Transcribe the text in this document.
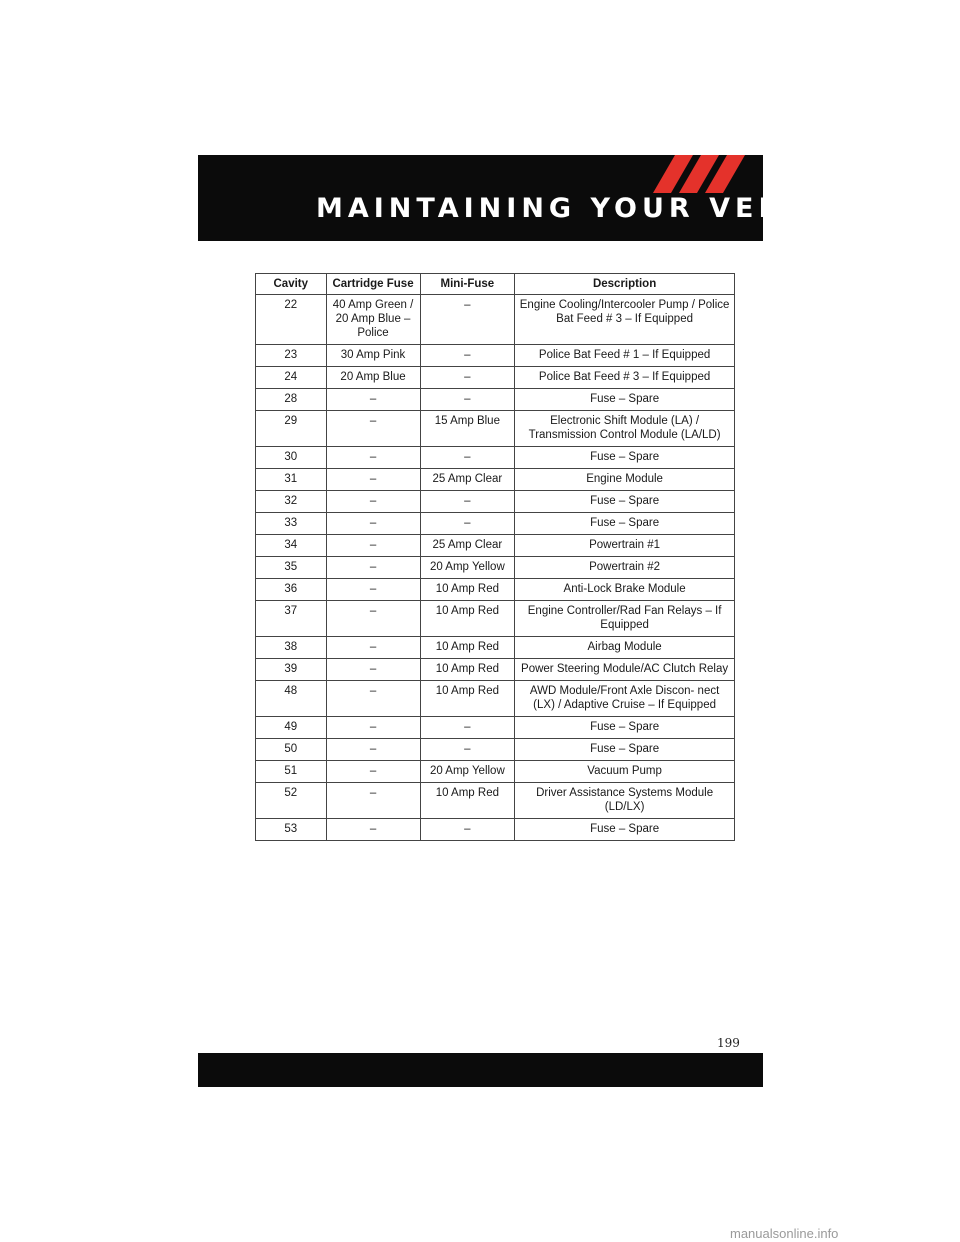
MAINTAINING YOUR VEHICLE
Cavity	Cartridge Fuse	Mini-Fuse	Description
22	40 Amp Green / 20 Amp Blue – Police	–	Engine Cooling/Intercooler Pump / Police Bat Feed # 3 – If Equipped
23	30 Amp Pink	–	Police Bat Feed # 1 – If Equipped
24	20 Amp Blue	–	Police Bat Feed # 3 – If Equipped
28	–	–	Fuse – Spare
29	–	15 Amp Blue	Electronic Shift Module (LA) / Transmission Control Module (LA/LD)
30	–	–	Fuse – Spare
31	–	25 Amp Clear	Engine Module
32	–	–	Fuse – Spare
33	–	–	Fuse – Spare
34	–	25 Amp Clear	Powertrain #1
35	–	20 Amp Yellow	Powertrain #2
36	–	10 Amp Red	Anti-Lock Brake Module
37	–	10 Amp Red	Engine Controller/Rad Fan Relays – If Equipped
38	–	10 Amp Red	Airbag Module
39	–	10 Amp Red	Power Steering Module/AC Clutch Relay
48	–	10 Amp Red	AWD Module/Front Axle Discon- nect (LX) / Adaptive Cruise – If Equipped
49	–	–	Fuse – Spare
50	–	–	Fuse – Spare
51	–	20 Amp Yellow	Vacuum Pump
52	–	10 Amp Red	Driver Assistance Systems Module (LD/LX)
53	–	–	Fuse – Spare
199
manualsonline.info
